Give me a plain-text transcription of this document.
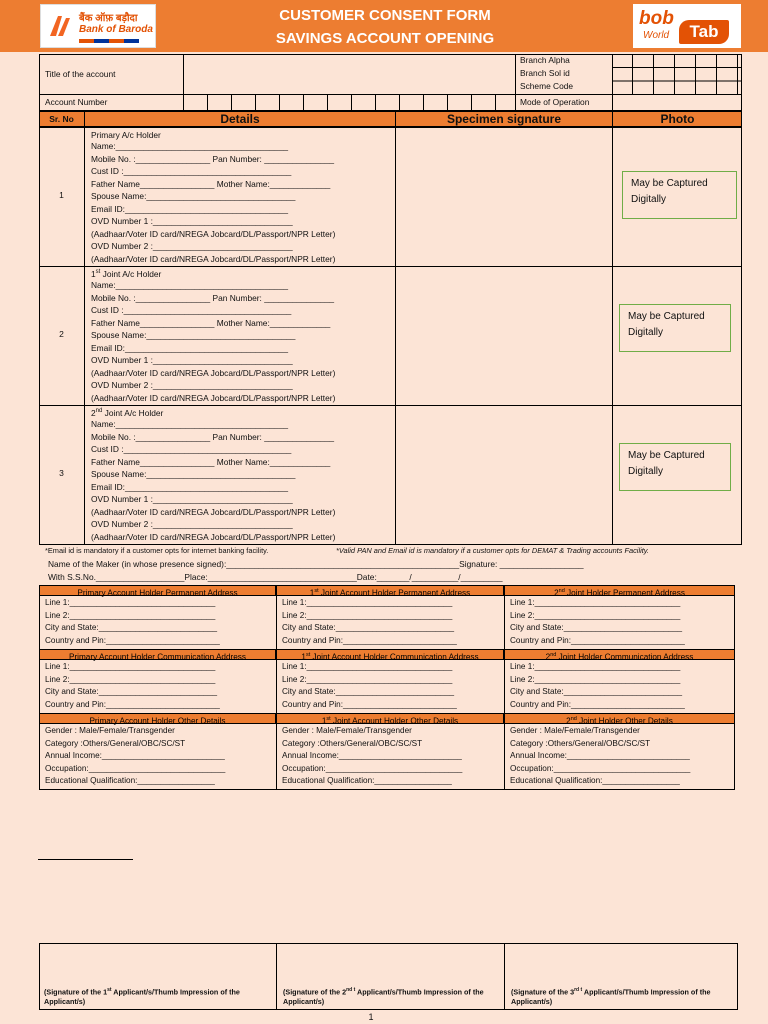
बैंक ऑफ़ बड़ौदा
Bank of Baroda
CUSTOMER CONSENT FORM
SAVINGS ACCOUNT OPENING
bob
World	Tab
Title of the account
Branch Alpha
Branch Sol id
Scheme Code
Account Number	Mode of Operation
Sr. No	Details	Specimen signature	Photo
1
Primary A/c Holder
Name:_____________________________________
Mobile No. :________________ Pan Number: _______________
Cust ID :____________________________________
Father Name________________ Mother Name:_____________
Spouse Name:________________________________
Email ID:___________________________________
OVD Number 1 :______________________________
(Aadhaar/Voter ID card/NREGA Jobcard/DL/Passport/NPR Letter)
OVD Number 2 :______________________________
(Aadhaar/Voter ID card/NREGA Jobcard/DL/Passport/NPR Letter)
May be Captured Digitally
2
1st Joint A/c Holder
Name:_____________________________________
Mobile No. :________________ Pan Number: _______________
Cust ID :____________________________________
Father Name________________ Mother Name:_____________
Spouse Name:________________________________
Email ID:___________________________________
OVD Number 1 :______________________________
(Aadhaar/Voter ID card/NREGA Jobcard/DL/Passport/NPR Letter)
OVD Number 2 :______________________________
(Aadhaar/Voter ID card/NREGA Jobcard/DL/Passport/NPR Letter)
May be Captured Digitally
3
2nd Joint A/c Holder
Name:_____________________________________
Mobile No. :________________ Pan Number: _______________
Cust ID :____________________________________
Father Name________________ Mother Name:_____________
Spouse Name:________________________________
Email ID:___________________________________
OVD Number 1 :______________________________
(Aadhaar/Voter ID card/NREGA Jobcard/DL/Passport/NPR Letter)
OVD Number 2 :______________________________
(Aadhaar/Voter ID card/NREGA Jobcard/DL/Passport/NPR Letter)
May be Captured Digitally
*Email id is mandatory if a customer opts for internet banking facility.	*Valid PAN and Email id is mandatory if a customer opts for DEMAT & Trading accounts Facility.
Name of the Maker (in whose presence signed):__________________________________________________Signature: __________________
With S.S.No.___________________Place:________________________________Date:_______/__________/_________
Primary Account Holder Permanent Address
Line 1:________________________________
Line 2:________________________________
City and State:__________________________
Country and Pin:_________________________
1st Joint Account Holder Permanent Address
Line 1:________________________________
Line 2:________________________________
City and State:__________________________
Country and Pin:_________________________
2nd Joint Holder Permanent Address
Line 1:________________________________
Line 2:________________________________
City and State:__________________________
Country and Pin:_________________________
Primary Account Holder Communication Address
Line 1:________________________________
Line 2:________________________________
City and State:__________________________
Country and Pin:_________________________
1st Joint Account Holder Communication Address
Line 1:________________________________
Line 2:________________________________
City and State:__________________________
Country and Pin:_________________________
2nd Joint Holder Communication Address
Line 1:________________________________
Line 2:________________________________
City and State:__________________________
Country and Pin:_________________________
Primary Account Holder Other Details
Gender : Male/Female/Transgender
Category :Others/General/OBC/SC/ST
Annual Income:___________________________
Occupation:______________________________
Educational Qualification:_________________
1st Joint Account Holder Other Details
Gender : Male/Female/Transgender
Category :Others/General/OBC/SC/ST
Annual Income:___________________________
Occupation:______________________________
Educational Qualification:_________________
2nd Joint Holder Other Details
Gender : Male/Female/Transgender
Category :Others/General/OBC/SC/ST
Annual Income:___________________________
Occupation:______________________________
Educational Qualification:_________________
(Signature of the 1st Applicant/s/Thumb Impression of the Applicant/s)
(Signature of the $2^{nd t}$ Applicant/s/Thumb Impression of the Applicant/s)
(Signature of the $3^{rd t}$ Applicant/s/Thumb Impression of the Applicant/s)
1
